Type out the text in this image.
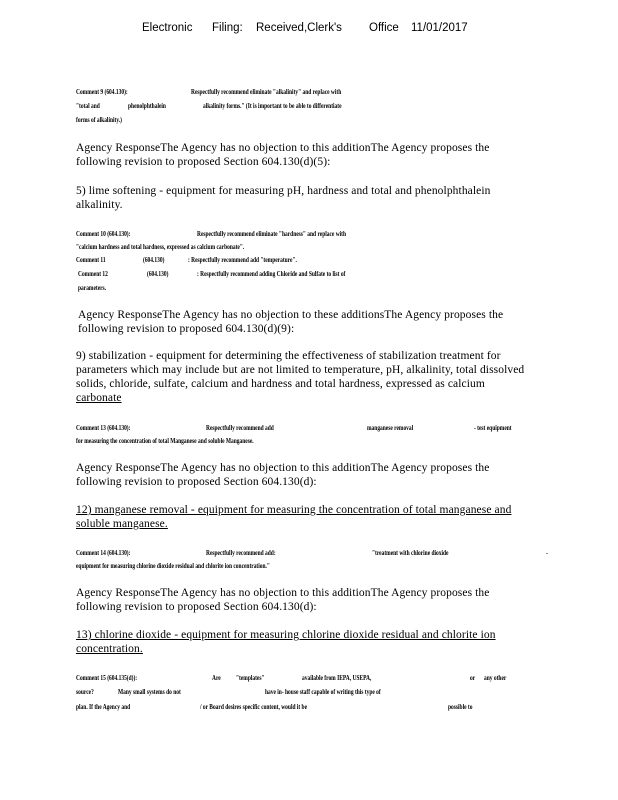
Electronic Filing: Received,Clerk's Office 11/01/2017
Comment 9 (604.130):	Respectfully recommend eliminate "alkalinity" and replace with
"total and	phenolphthalein	alkalinity forms." (It is important to be able to differentiate
forms of alkalinity.)
Agency ResponseThe Agency has no objection to this additionThe Agency proposes the
following revision to proposed Section 604.130(d)(5):
5) lime softening - equipment for measuring pH, hardness and total and phenolphthalein
alkalinity.
Comment 10 (604.130):	Respectfully recommend eliminate "hardness" and replace with
"calcium hardness and total hardness, expressed as calcium carbonate".
Comment 11	(604.130)	: Respectfully recommend add "temperature".
Comment 12	(604.130)	: Respectfully recommend adding Chloride and Sulfate to list of
parameters.
Agency ResponseThe Agency has no objection to these additionsThe Agency proposes the
following revision to proposed 604.130(d)(9):
9) stabilization - equipment for determining the effectiveness of stabilization treatment for
parameters which may include but are not limited to temperature, pH, alkalinity, total dissolved
solids, chloride, sulfate, calcium and hardness and total hardness, expressed as calcium
carbonate
Comment 13 (604.130):	Respectfully recommend add	manganese removal	- test equipment
for measuring the concentration of total Manganese and soluble Manganese.
Agency ResponseThe Agency has no objection to this additionThe Agency proposes the
following revision to proposed Section 604.130(d):
12) manganese removal - equipment for measuring the concentration of total manganese and
soluble manganese.
Comment 14 (604.130):	Respectfully recommend add:	"treatment with chlorine dioxide	-
equipment for measuring chlorine dioxide residual and chlorite ion concentration."
Agency ResponseThe Agency has no objection to this additionThe Agency proposes the
following revision to proposed Section 604.130(d):
13) chlorine dioxide - equipment for measuring chlorine dioxide residual and chlorite ion
concentration.
Comment 15 (604.135(d)):	Are "templates"	available from IEPA, USEPA,	or any other
source?	Many small systems do not	have in- house staff capable of writing this type of
plan. If the Agency and	/ or Board desires specific content, would it be	possible to
